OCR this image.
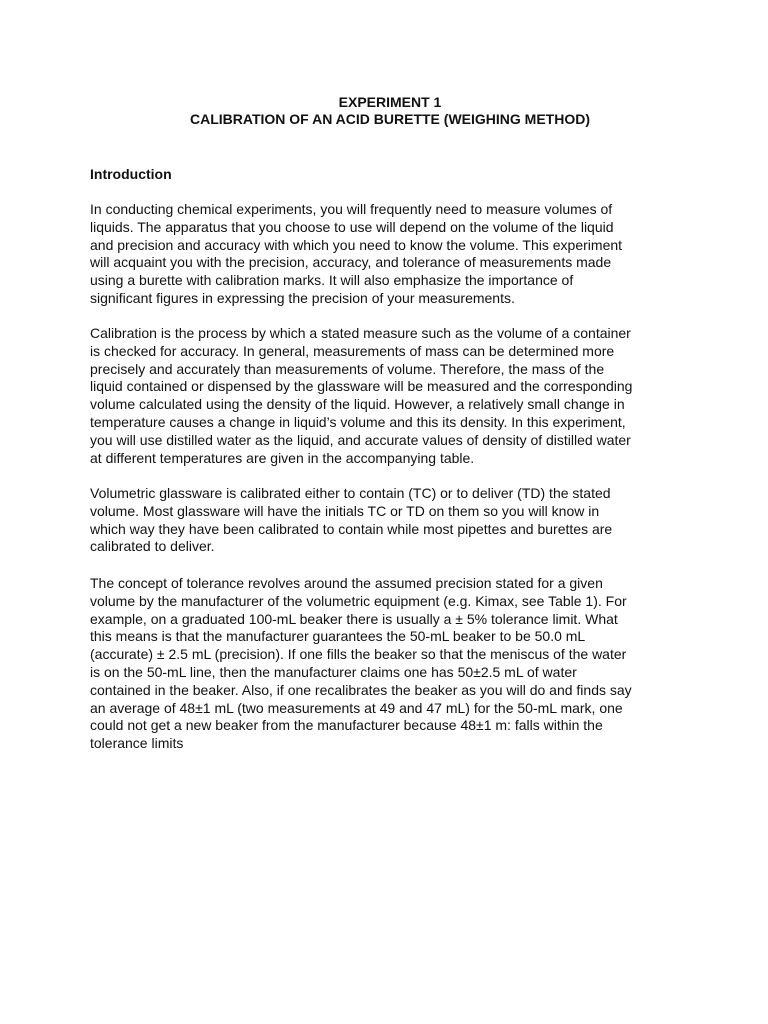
EXPERIMENT 1
CALIBRATION OF AN ACID BURETTE (WEIGHING METHOD)
Introduction

In conducting chemical experiments, you will frequently need to measure volumes of
liquids. The apparatus that you choose to use will depend on the volume of the liquid
and precision and accuracy with which you need to know the volume. This experiment
will acquaint you with the precision, accuracy, and tolerance of measurements made
using a burette with calibration marks. It will also emphasize the importance of
significant figures in expressing the precision of your measurements.

Calibration is the process by which a stated measure such as the volume of a container
is checked for accuracy. In general, measurements of mass can be determined more
precisely and accurately than measurements of volume. Therefore, the mass of the
liquid contained or dispensed by the glassware will be measured and the corresponding
volume calculated using the density of the liquid. However, a relatively small change in
temperature causes a change in liquid’s volume and this its density. In this experiment,
you will use distilled water as the liquid, and accurate values of density of distilled water
at different temperatures are given in the accompanying table.

Volumetric glassware is calibrated either to contain (TC) or to deliver (TD) the stated
volume. Most glassware will have the initials TC or TD on them so you will know in
which way they have been calibrated to contain while most pipettes and burettes are
calibrated to deliver.

The concept of tolerance revolves around the assumed precision stated for a given
volume by the manufacturer of the volumetric equipment (e.g. Kimax, see Table 1). For
example, on a graduated 100-mL beaker there is usually a ± 5% tolerance limit. What
this means is that the manufacturer guarantees the 50-mL beaker to be 50.0 mL
(accurate) ± 2.5 mL (precision). If one fills the beaker so that the meniscus of the water
is on the 50-mL line, then the manufacturer claims one has 50±2.5 mL of water
contained in the beaker. Also, if one recalibrates the beaker as you will do and finds say
an average of 48±1 mL (two measurements at 49 and 47 mL) for the 50-mL mark, one
could not get a new beaker from the manufacturer because 48±1 m: falls within the
tolerance limits
